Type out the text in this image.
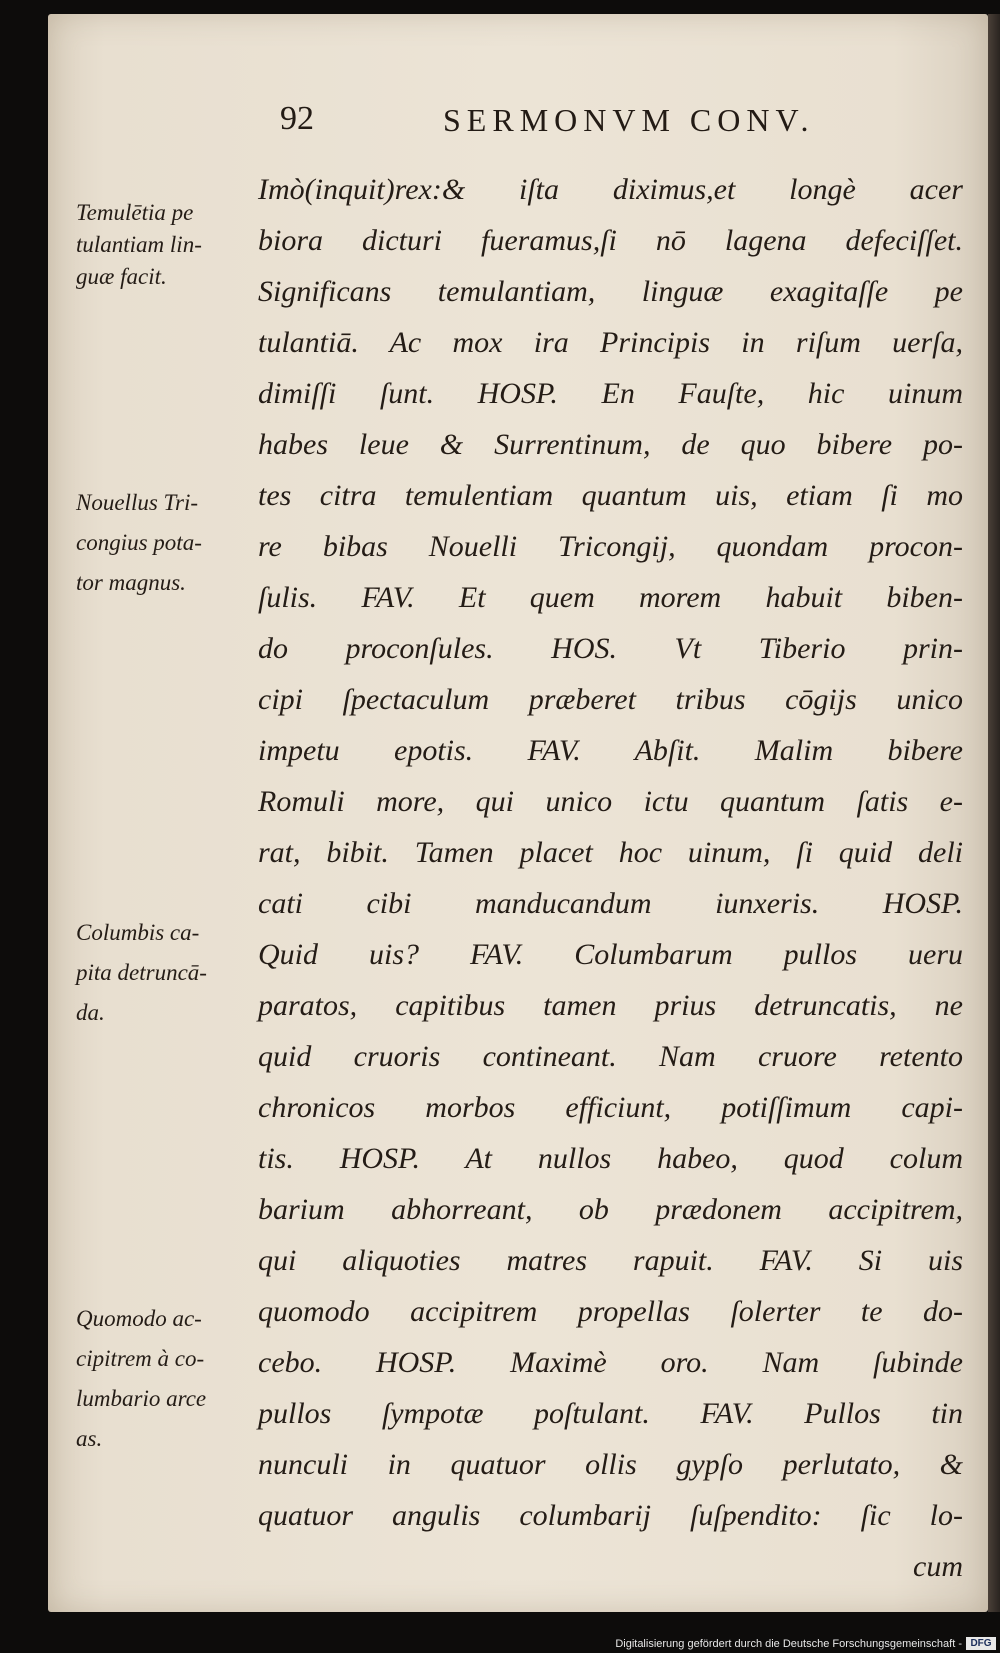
92	SERMONVM CONV.
Imò(inquit)rex:& iſta diximus,et longè acer
biora dicturi fueramus,ſi nō lagena defeciſſet.
Significans temulantiam, linguæ exagitaſſe pe
tulantiā. Ac mox ira Principis in riſum uerſa,
dimiſſi ſunt. HOSP. En Fauſte, hic uinum
habes leue & Surrentinum, de quo bibere po-
tes citra temulentiam quantum uis, etiam ſi mo
re bibas Nouelli Tricongij, quondam procon-
ſulis. FAV. Et quem morem habuit biben-
do proconſules. HOS. Vt Tiberio prin-
cipi ſpectaculum præberet tribus cōgijs unico
impetu epotis. FAV. Abſit. Malim bibere
Romuli more, qui unico ictu quantum ſatis e-
rat, bibit. Tamen placet hoc uinum, ſi quid deli
cati cibi manducandum iunxeris. HOSP.
Quid uis? FAV. Columbarum pullos ueru
paratos, capitibus tamen prius detruncatis, ne
quid cruoris contineant. Nam cruore retento
chronicos morbos efficiunt, potiſſimum capi-
tis. HOSP. At nullos habeo, quod colum
barium abhorreant, ob prædonem accipitrem,
qui aliquoties matres rapuit. FAV. Si uis
quomodo accipitrem propellas ſolerter te do-
cebo. HOSP. Maximè oro. Nam ſubinde
pullos ſympotæ poſtulant. FAV. Pullos tin
nunculi in quatuor ollis gypſo perlutato, &
quatuor angulis columbarij ſuſpendito: ſic lo-
cum
Temulētia pe
tulantiam lin-
guæ facit.
Nouellus Tri-
congius pota-
tor magnus.
Columbis ca-
pita detruncā-
da.
Quomodo ac-
cipitrem à co-
lumbario arce
as.
Digitalisierung gefördert durch die Deutsche Forschungsgemeinschaft - DFG
